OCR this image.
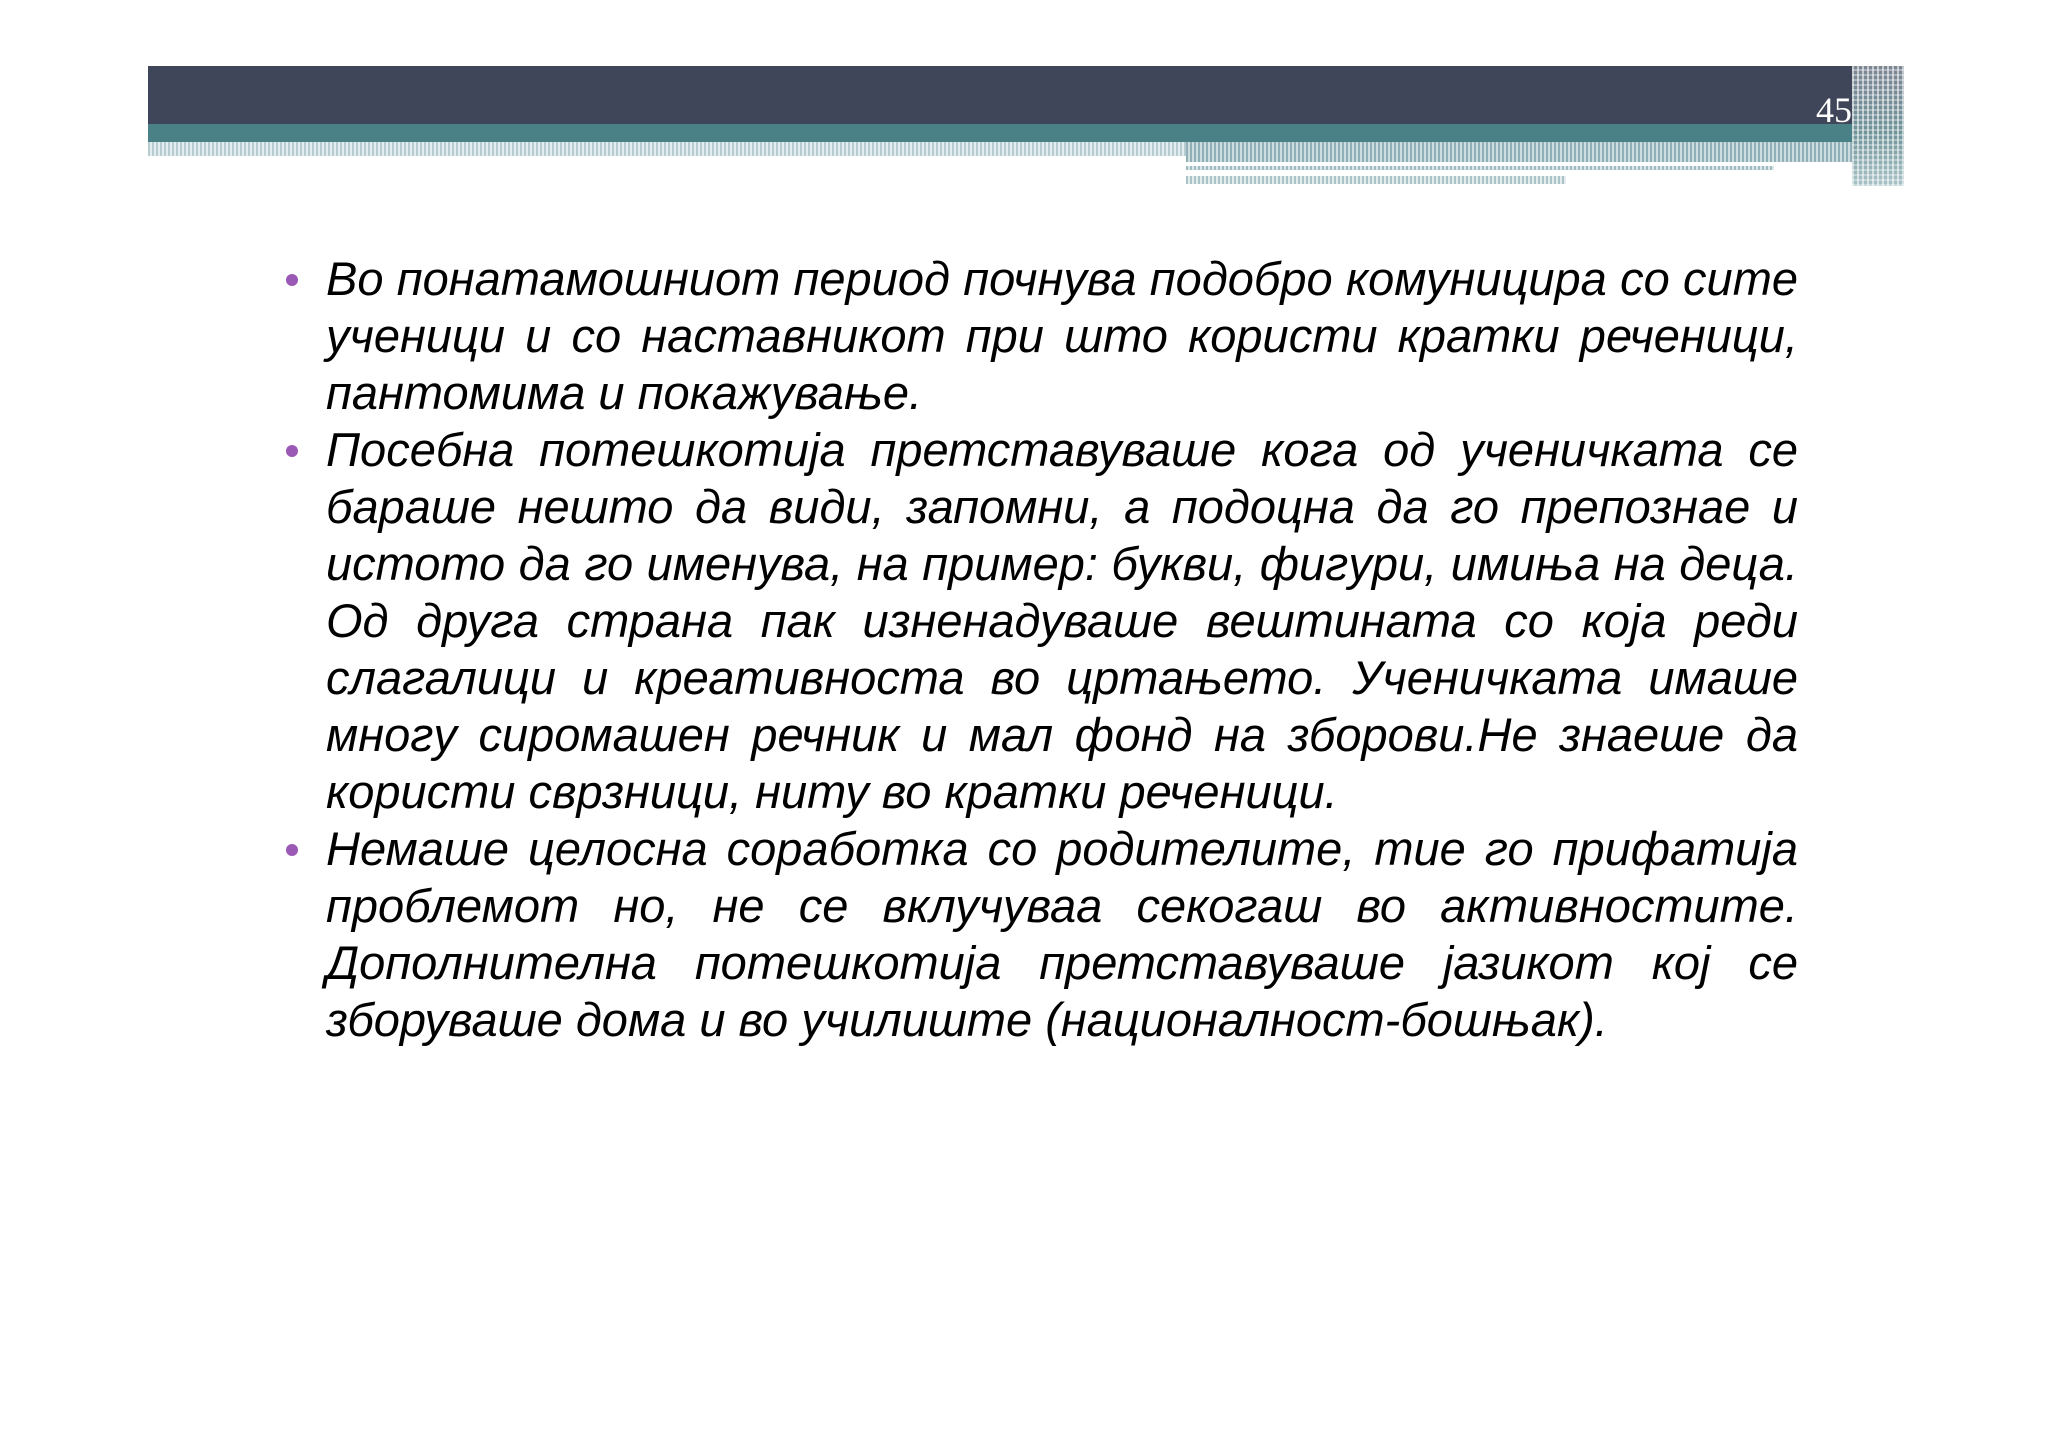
45

Во понатамошниот период почнува подобро комуницира со сите ученици и со наставникот при што користи кратки реченици, пантомима и покажување.

Посебна потешкотија претставуваше кога од ученичката се бараше нешто да види, запомни, а подоцна да го препознае и истото да го именува, на пример: букви, фигури, имиња на деца. Од друга страна пак изненадуваше вештината со која реди слагалици и креативноста во цртањето. Ученичката имаше многу сиромашен речник и мал фонд на зборови.Не знаеше да користи сврзници, ниту во кратки реченици.

Немаше целосна соработка со родителите, тие го прифатија проблемот но, не се вклучуваа секогаш во активностите. Дополнителна потешкотија претставуваше јазикот кој се зборуваше дома и во училиште (националност-бошњак).
